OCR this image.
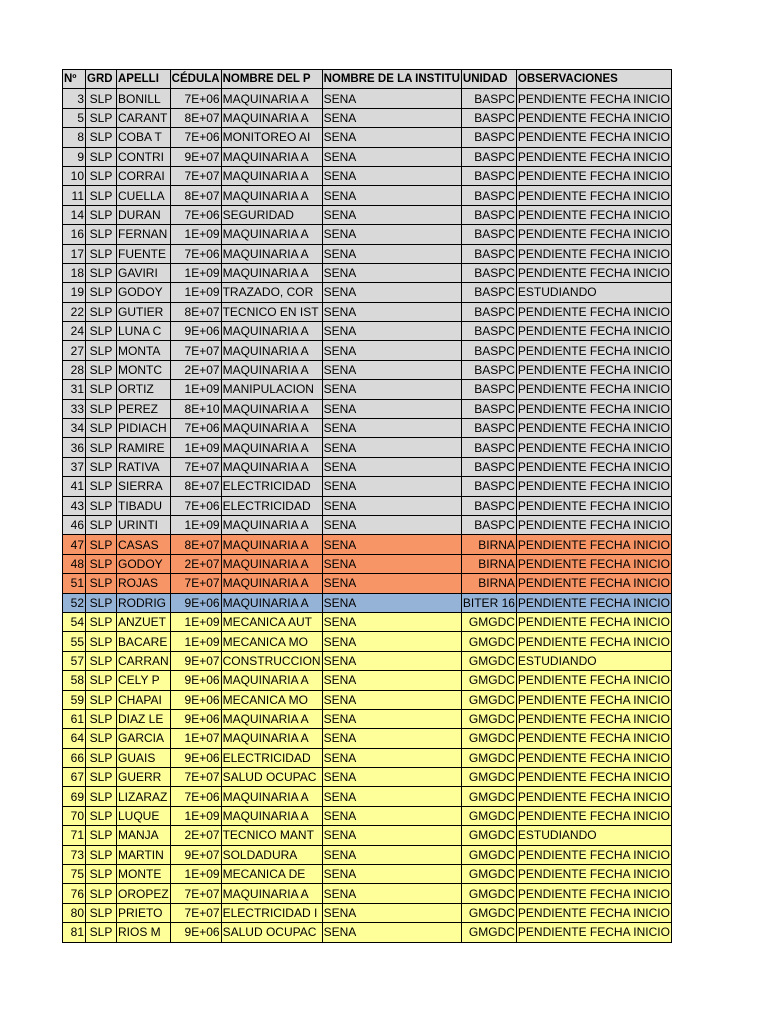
Nº	GRD	APELLI	CÉDULA	NOMBRE DEL P	NOMBRE DE LA INSTITU	UNIDAD	OBSERVACIONES
3	SLP	BONILL	7E+06	MAQUINARIA A	SENA	BASPC	PENDIENTE FECHA INICIO
5	SLP	CARANT	8E+07	MAQUINARIA A	SENA	BASPC	PENDIENTE FECHA INICIO
8	SLP	COBA T	7E+06	MONITOREO AI	SENA	BASPC	PENDIENTE FECHA INICIO
9	SLP	CONTRI	9E+07	MAQUINARIA A	SENA	BASPC	PENDIENTE FECHA INICIO
10	SLP	CORRAI	7E+07	MAQUINARIA A	SENA	BASPC	PENDIENTE FECHA INICIO
11	SLP	CUELLA	8E+07	MAQUINARIA A	SENA	BASPC	PENDIENTE FECHA INICIO
14	SLP	DURAN	7E+06	SEGURIDAD	SENA	BASPC	PENDIENTE FECHA INICIO
16	SLP	FERNAN	1E+09	MAQUINARIA A	SENA	BASPC	PENDIENTE FECHA INICIO
17	SLP	FUENTE	7E+06	MAQUINARIA A	SENA	BASPC	PENDIENTE FECHA INICIO
18	SLP	GAVIRI	1E+09	MAQUINARIA A	SENA	BASPC	PENDIENTE FECHA INICIO
19	SLP	GODOY	1E+09	TRAZADO, COR	SENA	BASPC	ESTUDIANDO
22	SLP	GUTIER	8E+07	TECNICO EN IST	SENA	BASPC	PENDIENTE FECHA INICIO
24	SLP	LUNA C	9E+06	MAQUINARIA A	SENA	BASPC	PENDIENTE FECHA INICIO
27	SLP	MONTA	7E+07	MAQUINARIA A	SENA	BASPC	PENDIENTE FECHA INICIO
28	SLP	MONTC	2E+07	MAQUINARIA A	SENA	BASPC	PENDIENTE FECHA INICIO
31	SLP	ORTIZ	1E+09	MANIPULACION	SENA	BASPC	PENDIENTE FECHA INICIO
33	SLP	PEREZ	8E+10	MAQUINARIA A	SENA	BASPC	PENDIENTE FECHA INICIO
34	SLP	PIDIACH	7E+06	MAQUINARIA A	SENA	BASPC	PENDIENTE FECHA INICIO
36	SLP	RAMIRE	1E+09	MAQUINARIA A	SENA	BASPC	PENDIENTE FECHA INICIO
37	SLP	RATIVA	7E+07	MAQUINARIA A	SENA	BASPC	PENDIENTE FECHA INICIO
41	SLP	SIERRA	8E+07	ELECTRICIDAD	SENA	BASPC	PENDIENTE FECHA INICIO
43	SLP	TIBADU	7E+06	ELECTRICIDAD	SENA	BASPC	PENDIENTE FECHA INICIO
46	SLP	URINTI	1E+09	MAQUINARIA A	SENA	BASPC	PENDIENTE FECHA INICIO
47	SLP	CASAS	8E+07	MAQUINARIA A	SENA	BIRNA	PENDIENTE FECHA INICIO
48	SLP	GODOY	2E+07	MAQUINARIA A	SENA	BIRNA	PENDIENTE FECHA INICIO
51	SLP	ROJAS	7E+07	MAQUINARIA A	SENA	BIRNA	PENDIENTE FECHA INICIO
52	SLP	RODRIG	9E+06	MAQUINARIA A	SENA	BITER 16	PENDIENTE FECHA INICIO
54	SLP	ANZUET	1E+09	MECANICA AUT	SENA	GMGDC	PENDIENTE FECHA INICIO
55	SLP	BACARE	1E+09	MECANICA MO	SENA	GMGDC	PENDIENTE FECHA INICIO
57	SLP	CARRAN	9E+07	CONSTRUCCION	SENA	GMGDC	ESTUDIANDO
58	SLP	CELY P	9E+06	MAQUINARIA A	SENA	GMGDC	PENDIENTE FECHA INICIO
59	SLP	CHAPAI	9E+06	MECANICA MO	SENA	GMGDC	PENDIENTE FECHA INICIO
61	SLP	DIAZ LE	9E+06	MAQUINARIA A	SENA	GMGDC	PENDIENTE FECHA INICIO
64	SLP	GARCIA	1E+07	MAQUINARIA A	SENA	GMGDC	PENDIENTE FECHA INICIO
66	SLP	GUAIS	9E+06	ELECTRICIDAD	SENA	GMGDC	PENDIENTE FECHA INICIO
67	SLP	GUERR	7E+07	SALUD OCUPAC	SENA	GMGDC	PENDIENTE FECHA INICIO
69	SLP	LIZARAZ	7E+06	MAQUINARIA A	SENA	GMGDC	PENDIENTE FECHA INICIO
70	SLP	LUQUE	1E+09	MAQUINARIA A	SENA	GMGDC	PENDIENTE FECHA INICIO
71	SLP	MANJA	2E+07	TECNICO MANT	SENA	GMGDC	ESTUDIANDO
73	SLP	MARTIN	9E+07	SOLDADURA	SENA	GMGDC	PENDIENTE FECHA INICIO
75	SLP	MONTE	1E+09	MECANICA DE	SENA	GMGDC	PENDIENTE FECHA INICIO
76	SLP	OROPEZ	7E+07	MAQUINARIA A	SENA	GMGDC	PENDIENTE FECHA INICIO
80	SLP	PRIETO	7E+07	ELECTRICIDAD I	SENA	GMGDC	PENDIENTE FECHA INICIO
81	SLP	RIOS M	9E+06	SALUD OCUPAC	SENA	GMGDC	PENDIENTE FECHA INICIO
